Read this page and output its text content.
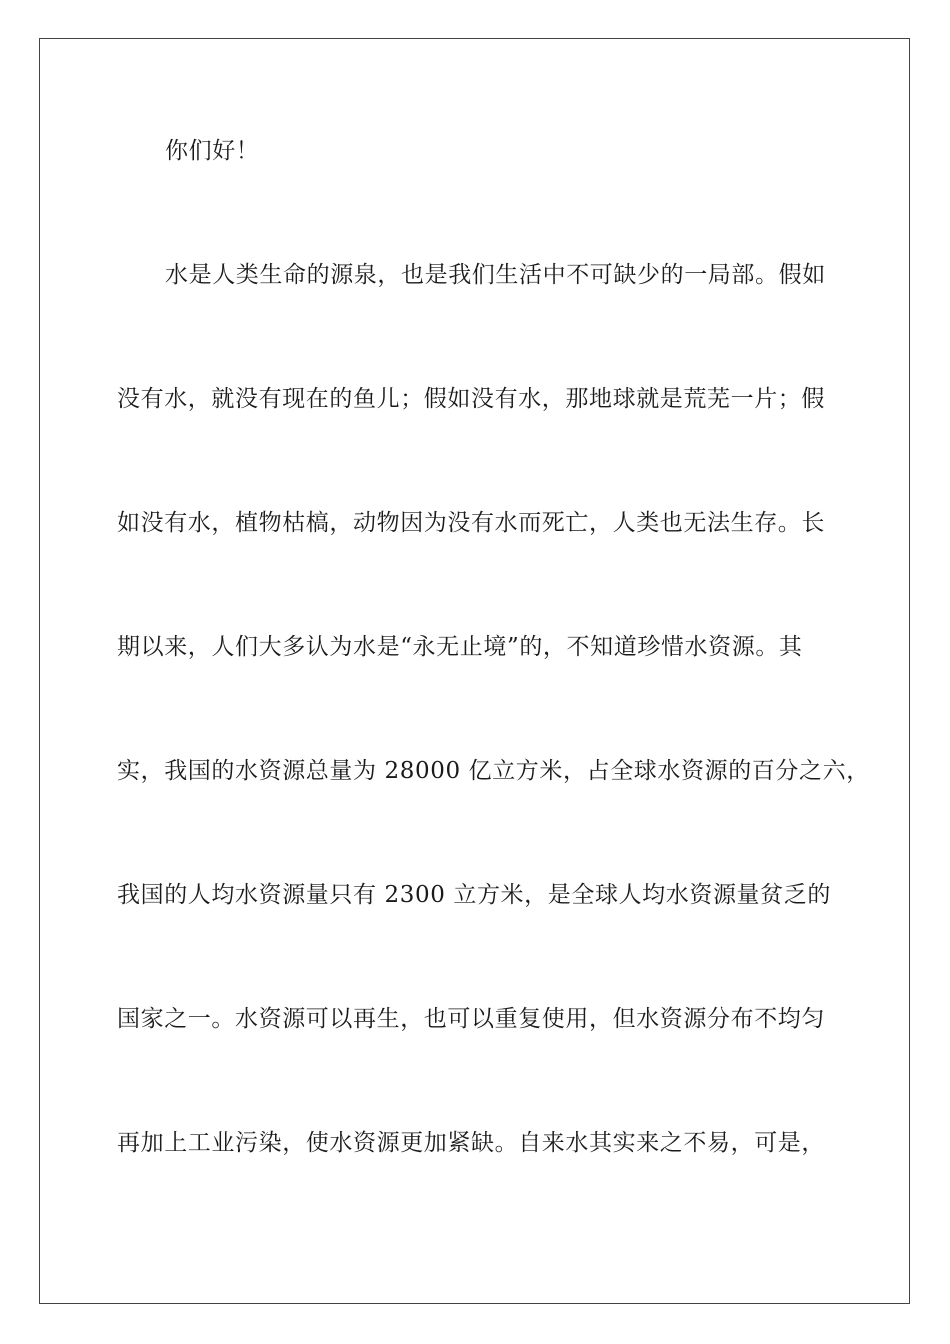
你们好！

水是人类生命的源泉，也是我们生活中不可缺少的一局部。假如

没有水，就没有现在的鱼儿；假如没有水，那地球就是荒芜一片；假

如没有水，植物枯槁，动物因为没有水而死亡，人类也无法生存。长

期以来，人们大多认为水是“永无止境”的，不知道珍惜水资源。其

实，我国的水资源总量为 28000 亿立方米，占全球水资源的百分之六，

我国的人均水资源量只有 2300 立方米，是全球人均水资源量贫乏的

国家之一。水资源可以再生，也可以重复使用，但水资源分布不均匀

再加上工业污染，使水资源更加紧缺。自来水其实来之不易，可是，
